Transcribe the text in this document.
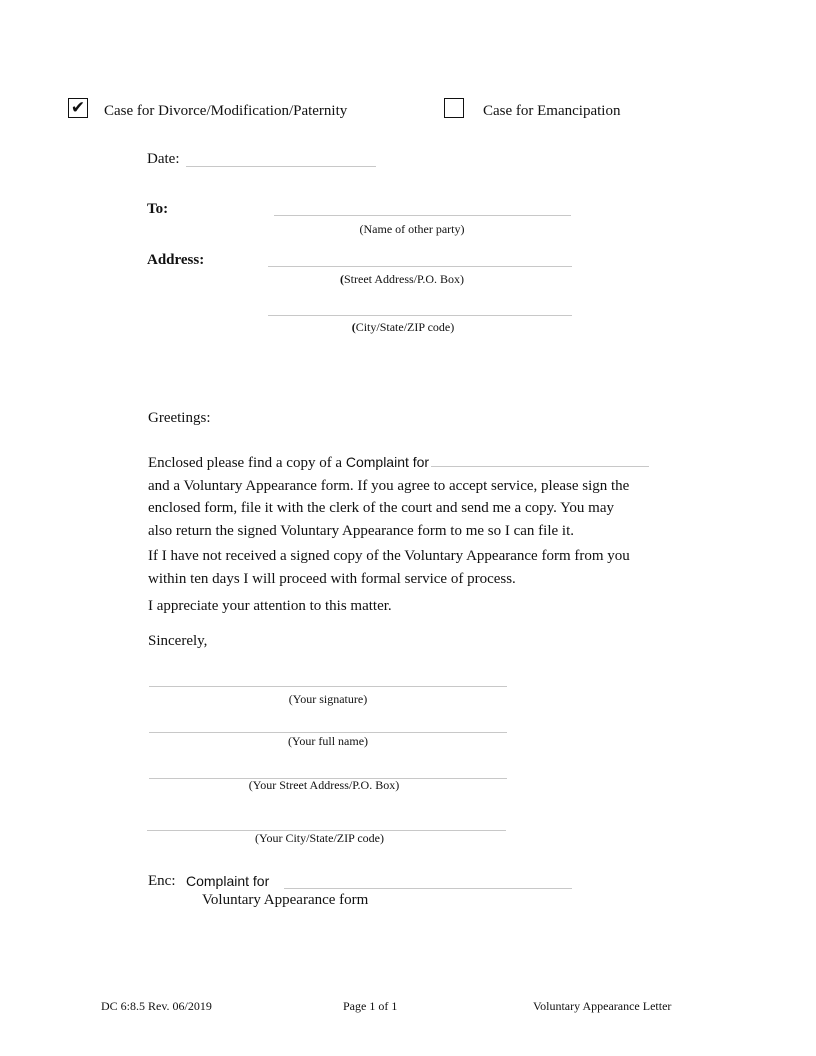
✔ Case for Divorce/Modification/Paternity	Case for Emancipation
Date:
To:
(Name of other party)
Address:
(Street Address/P.O. Box)
(City/State/ZIP code)
Greetings:

Enclosed please find a copy of a Complaint for

and a Voluntary Appearance form. If you agree to accept service, please sign the

enclosed form, file it with the clerk of the court and send me a copy. You may

also return the signed Voluntary Appearance form to me so I can file it.

If I have not received a signed copy of the Voluntary Appearance form from you

within ten days I will proceed with formal service of process.

I appreciate your attention to this matter.
Sincerely,
(Your signature)
(Your full name)
(Your Street Address/P.O. Box)
(Your City/State/ZIP code)
Enc: Complaint for
Voluntary Appearance form
DC 6:8.5 Rev. 06/2019	Page 1 of 1	Voluntary Appearance Letter
